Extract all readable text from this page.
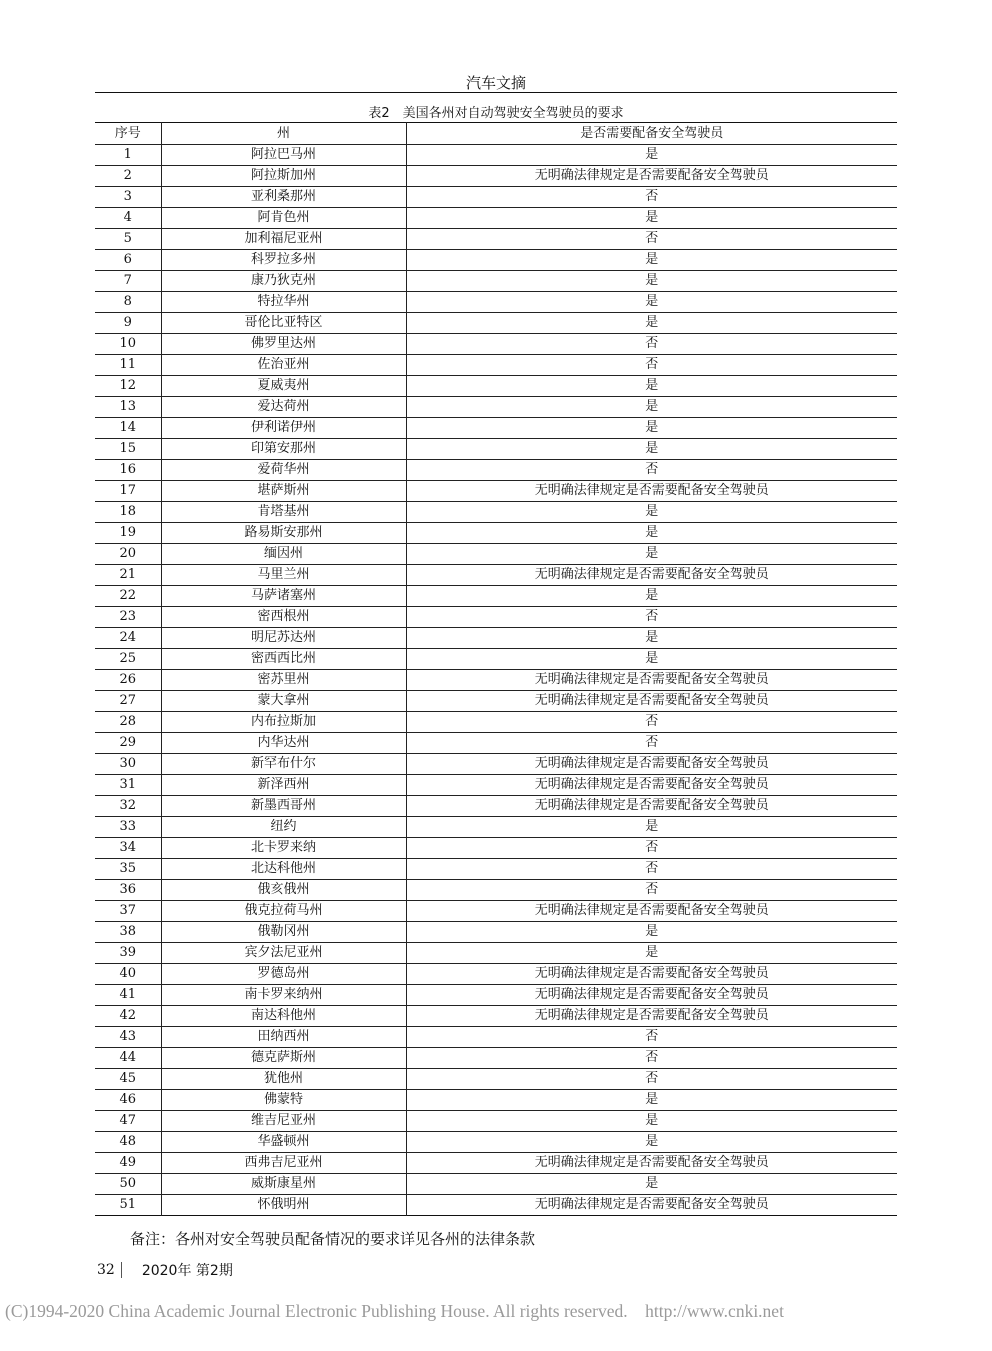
汽车文摘
表2　美国各州对自动驾驶安全驾驶员的要求
序号	州	是否需要配备安全驾驶员
1	阿拉巴马州	是
2	阿拉斯加州	无明确法律规定是否需要配备安全驾驶员
3	亚利桑那州	否
4	阿肯色州	是
5	加利福尼亚州	否
6	科罗拉多州	是
7	康乃狄克州	是
8	特拉华州	是
9	哥伦比亚特区	是
10	佛罗里达州	否
11	佐治亚州	否
12	夏威夷州	是
13	爱达荷州	是
14	伊利诺伊州	是
15	印第安那州	是
16	爱荷华州	否
17	堪萨斯州	无明确法律规定是否需要配备安全驾驶员
18	肯塔基州	是
19	路易斯安那州	是
20	缅因州	是
21	马里兰州	无明确法律规定是否需要配备安全驾驶员
22	马萨诸塞州	是
23	密西根州	否
24	明尼苏达州	是
25	密西西比州	是
26	密苏里州	无明确法律规定是否需要配备安全驾驶员
27	蒙大拿州	无明确法律规定是否需要配备安全驾驶员
28	内布拉斯加	否
29	内华达州	否
30	新罕布什尔	无明确法律规定是否需要配备安全驾驶员
31	新泽西州	无明确法律规定是否需要配备安全驾驶员
32	新墨西哥州	无明确法律规定是否需要配备安全驾驶员
33	纽约	是
34	北卡罗来纳	否
35	北达科他州	否
36	俄亥俄州	否
37	俄克拉荷马州	无明确法律规定是否需要配备安全驾驶员
38	俄勒冈州	是
39	宾夕法尼亚州	是
40	罗德岛州	无明确法律规定是否需要配备安全驾驶员
41	南卡罗来纳州	无明确法律规定是否需要配备安全驾驶员
42	南达科他州	无明确法律规定是否需要配备安全驾驶员
43	田纳西州	否
44	德克萨斯州	否
45	犹他州	否
46	佛蒙特	是
47	维吉尼亚州	是
48	华盛顿州	是
49	西弗吉尼亚州	无明确法律规定是否需要配备安全驾驶员
50	威斯康星州	是
51	怀俄明州	无明确法律规定是否需要配备安全驾驶员
备注：各州对安全驾驶员配备情况的要求详见各州的法律条款
32 2020年 第2期
(C)1994-2020 China Academic Journal Electronic Publishing House. All rights reserved.    http://www.cnki.net
